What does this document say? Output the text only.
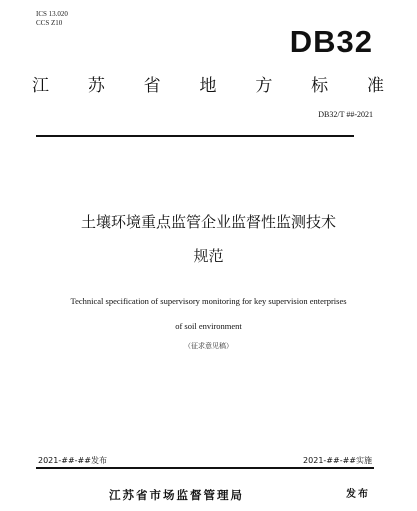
ICS 13.020
CCS Z10
DB32
江 苏 省 地 方 标 准
DB32/T ##-2021
土壤环境重点监管企业监督性监测技术
规范
Technical specification of supervisory monitoring for key supervision enterprises
of soil environment
（征求意见稿）
2021-##-##发布	2021-##-##实施
江苏省市场监督管理局	发布
